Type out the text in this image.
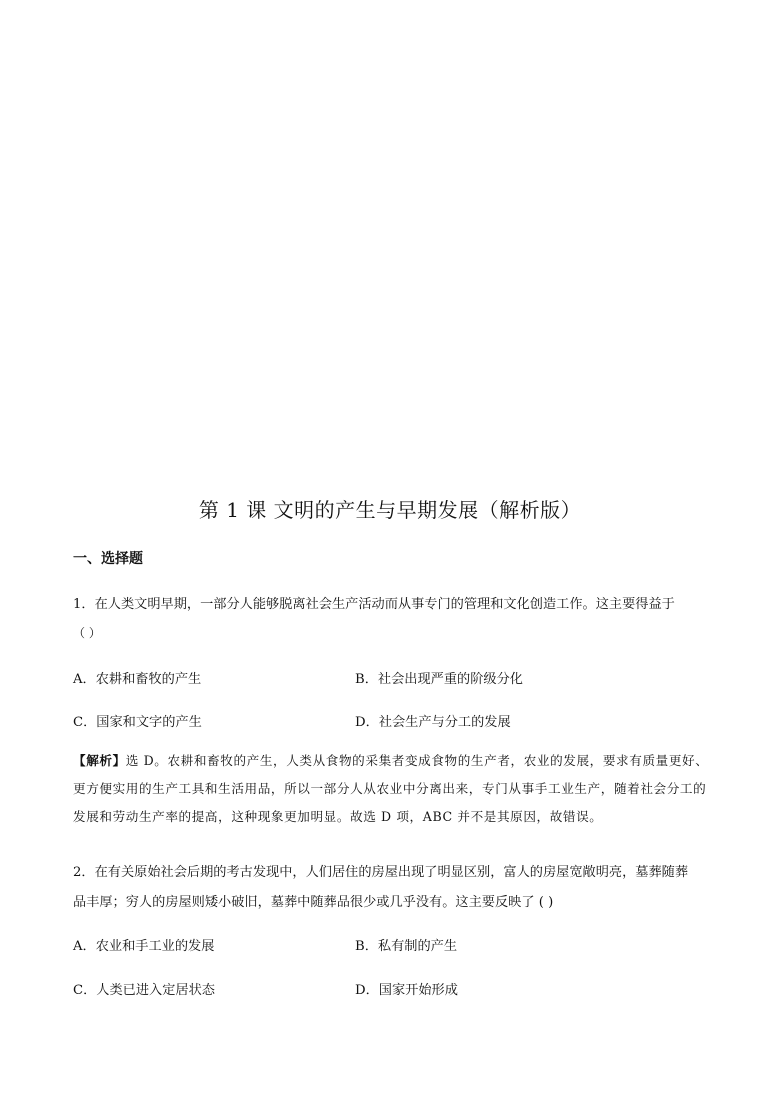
第 1 课 文明的产生与早期发展（解析版）
一、选择题
1．在人类文明早期，一部分人能够脱离社会生产活动而从事专门的管理和文化创造工作。这主要得益于
（ ）
A．农耕和畜牧的产生	B．社会出现严重的阶级分化
C．国家和文字的产生	D．社会生产与分工的发展
【解析】选 D。农耕和畜牧的产生，人类从食物的采集者变成食物的生产者，农业的发展，要求有质量更好、更方便实用的生产工具和生活用品，所以一部分人从农业中分离出来，专门从事手工业生产，随着社会分工的发展和劳动生产率的提高，这种现象更加明显。故选 D 项，ABC 并不是其原因，故错误。
2．在有关原始社会后期的考古发现中，人们居住的房屋出现了明显区别，富人的房屋宽敞明亮，墓葬随葬
品丰厚；穷人的房屋则矮小破旧，墓葬中随葬品很少或几乎没有。这主要反映了 ( )
A．农业和手工业的发展	B．私有制的产生
C．人类已进入定居状态	D．国家开始形成
